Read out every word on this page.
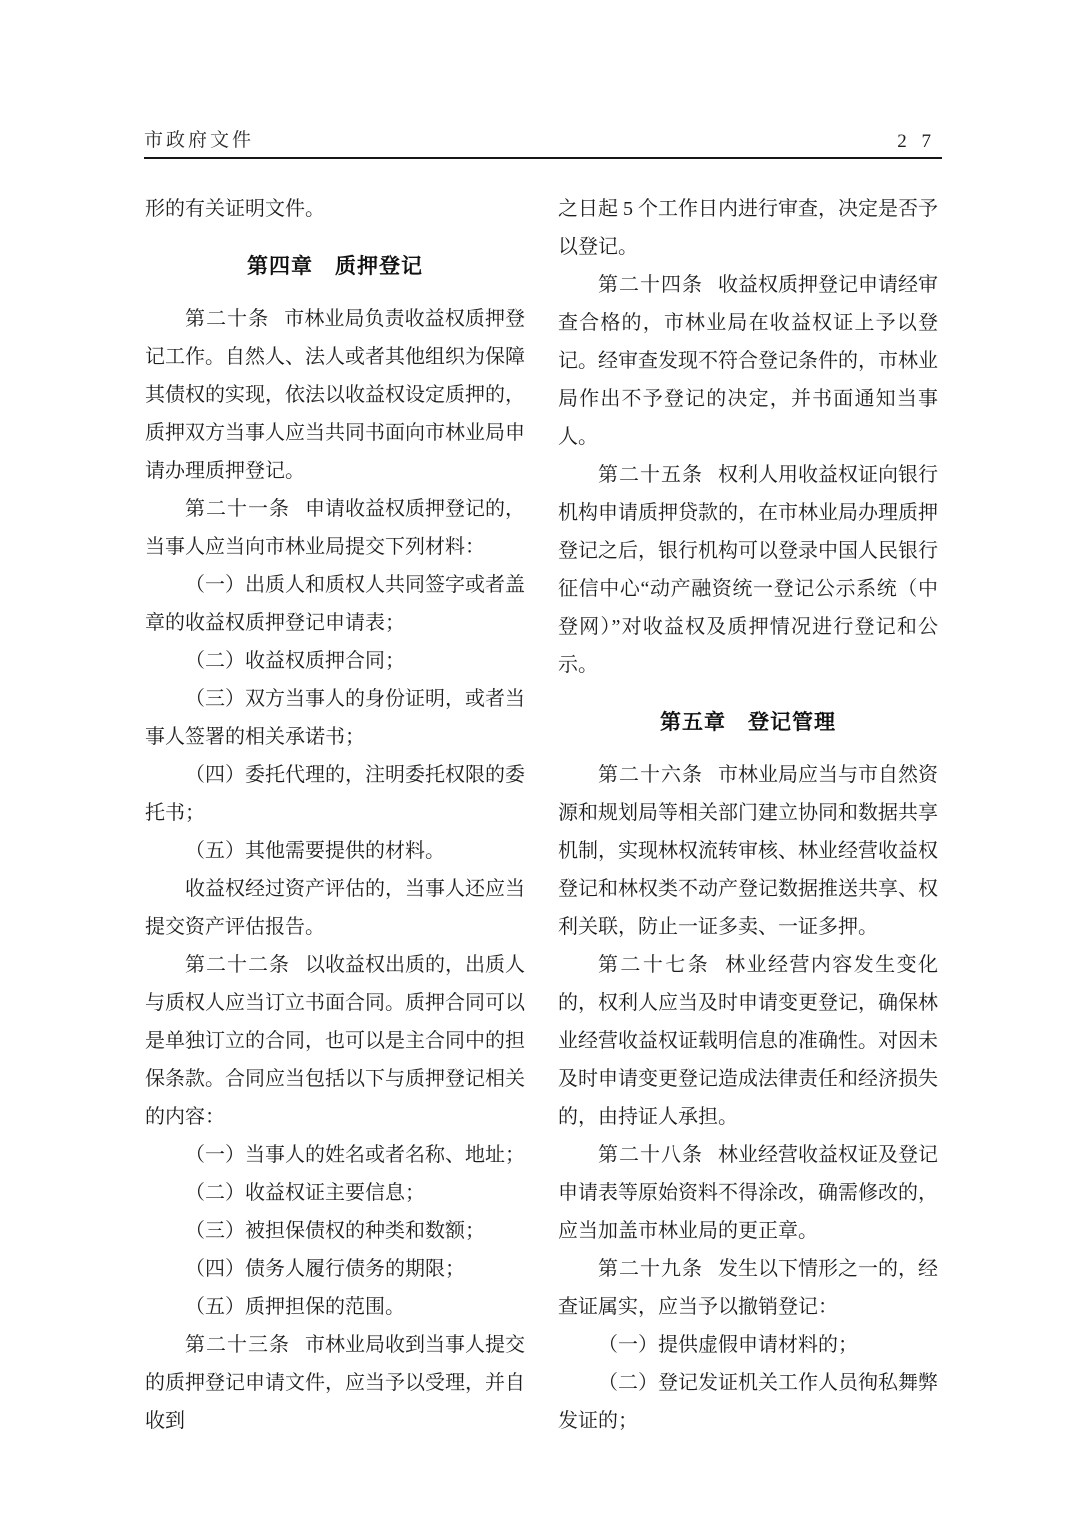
市政府文件	2 7

形的有关证明文件。

第四章　质押登记

第二十条 市林业局负责收益权质押登记工作。自然人、法人或者其他组织为保障其债权的实现，依法以收益权设定质押的，质押双方当事人应当共同书面向市林业局申请办理质押登记。

第二十一条 申请收益权质押登记的，当事人应当向市林业局提交下列材料：

（一）出质人和质权人共同签字或者盖章的收益权质押登记申请表；

（二）收益权质押合同；

（三）双方当事人的身份证明，或者当事人签署的相关承诺书；

（四）委托代理的，注明委托权限的委托书；

（五）其他需要提供的材料。

收益权经过资产评估的，当事人还应当提交资产评估报告。

第二十二条 以收益权出质的，出质人与质权人应当订立书面合同。质押合同可以是单独订立的合同，也可以是主合同中的担保条款。合同应当包括以下与质押登记相关的内容：

（一）当事人的姓名或者名称、地址；

（二）收益权证主要信息；

（三）被担保债权的种类和数额；

（四）债务人履行债务的期限；

（五）质押担保的范围。

第二十三条 市林业局收到当事人提交的质押登记申请文件，应当予以受理，并自收到

之日起 5 个工作日内进行审查，决定是否予以登记。

第二十四条 收益权质押登记申请经审查合格的，市林业局在收益权证上予以登记。经审查发现不符合登记条件的，市林业局作出不予登记的决定，并书面通知当事人。

第二十五条 权利人用收益权证向银行机构申请质押贷款的，在市林业局办理质押登记之后，银行机构可以登录中国人民银行征信中心“动产融资统一登记公示系统（中登网）”对收益权及质押情况进行登记和公示。

第五章　登记管理

第二十六条 市林业局应当与市自然资源和规划局等相关部门建立协同和数据共享机制，实现林权流转审核、林业经营收益权登记和林权类不动产登记数据推送共享、权利关联，防止一证多卖、一证多押。

第二十七条 林业经营内容发生变化的，权利人应当及时申请变更登记，确保林业经营收益权证载明信息的准确性。对因未及时申请变更登记造成法律责任和经济损失的，由持证人承担。

第二十八条 林业经营收益权证及登记申请表等原始资料不得涂改，确需修改的，应当加盖市林业局的更正章。

第二十九条 发生以下情形之一的，经查证属实，应当予以撤销登记：

（一）提供虚假申请材料的；

（二）登记发证机关工作人员徇私舞弊发证的；
